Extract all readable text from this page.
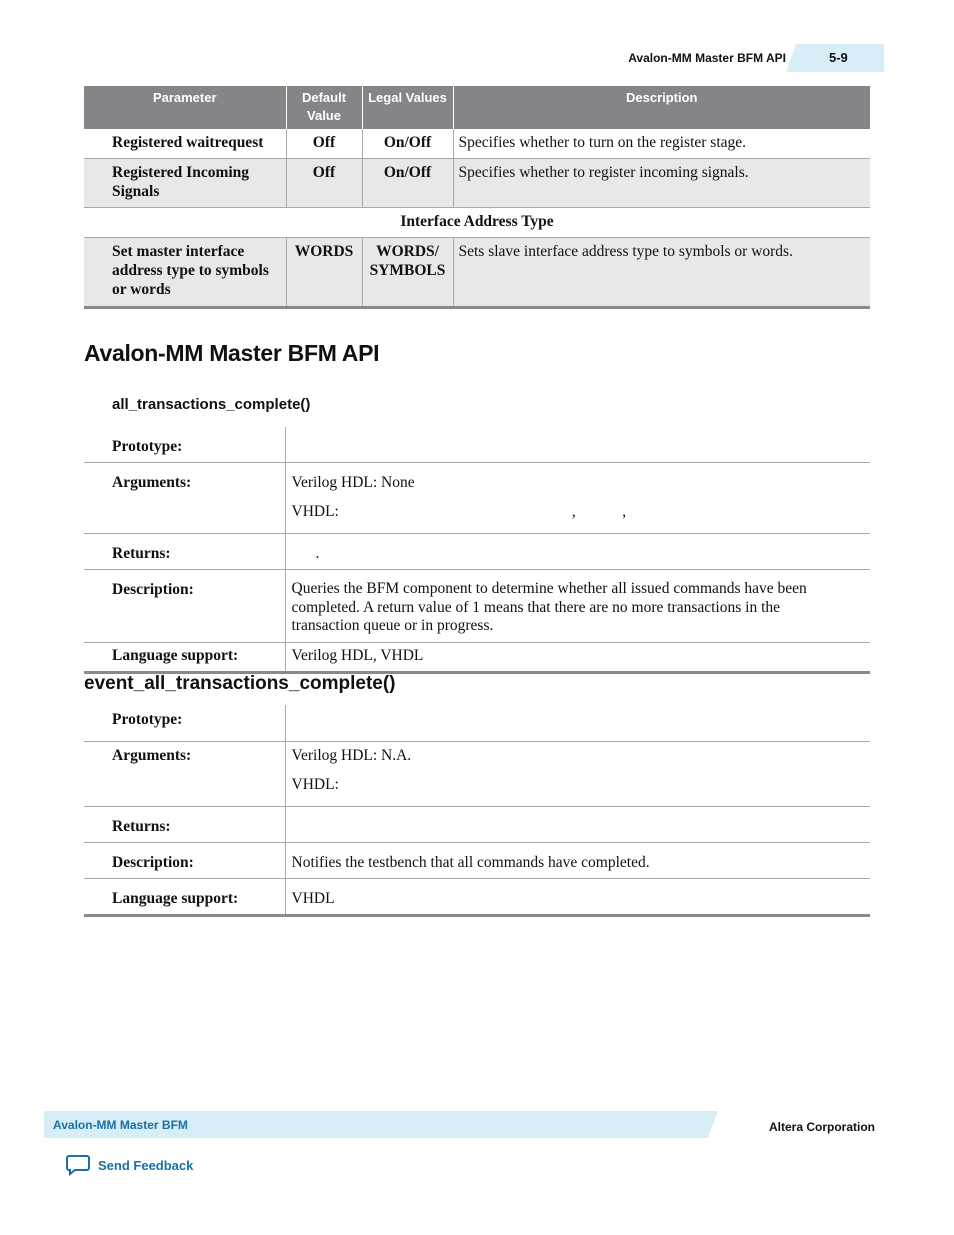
Avalon-MM Master BFM API	5-9
Parameter	Default Value	Legal Values	Description
Registered waitrequest	Off	On/Off	Specifies whether to turn on the register stage.
Registered Incoming Signals	Off	On/Off	Specifies whether to register incoming signals.
Interface Address Type			
Set master interface address type to symbols or words	WORDS	WORDS/ SYMBOLS	Sets slave interface address type to symbols or words.
Avalon-MM Master BFM API
all_transactions_complete()
Prototype:	
Arguments:	Verilog HDL: None

VHDL: ,            ,

Returns:	.
Description:	Queries the BFM component to determine whether all issued commands have been completed. A return value of 1 means that there are no more transactions in the transaction queue or in progress.
Language support:	Verilog HDL, VHDL
event_all_transactions_complete()
Prototype:	
Arguments:	Verilog HDL: N.A.

VHDL:

Returns:	
Description:	Notifies the testbench that all commands have completed.
Language support:	VHDL
Avalon-MM Master BFM	Altera Corporation
Send Feedback
